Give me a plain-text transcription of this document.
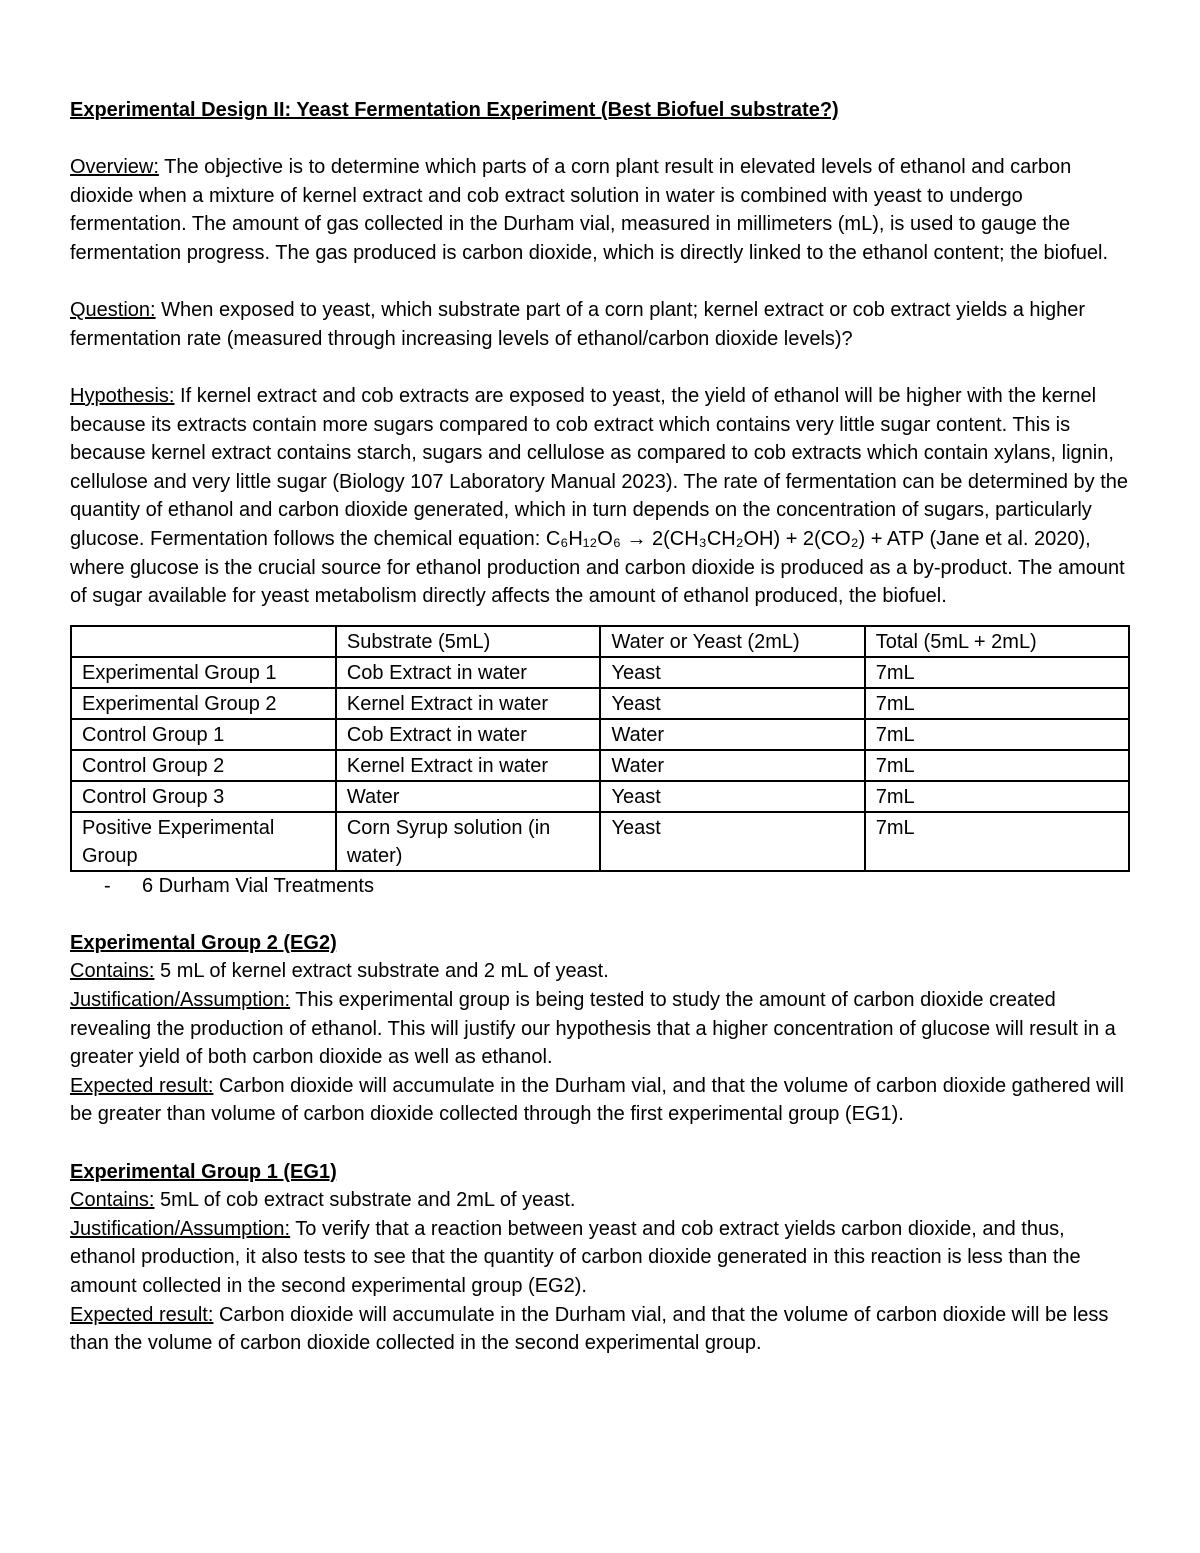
Experimental Design II: Yeast Fermentation Experiment (Best Biofuel substrate?)

Overview: The objective is to determine which parts of a corn plant result in elevated levels of ethanol and carbon dioxide when a mixture of kernel extract and cob extract solution in water is combined with yeast to undergo fermentation. The amount of gas collected in the Durham vial, measured in millimeters (mL), is used to gauge the fermentation progress. The gas produced is carbon dioxide, which is directly linked to the ethanol content; the biofuel.

Question: When exposed to yeast, which substrate part of a corn plant; kernel extract or cob extract yields a higher fermentation rate (measured through increasing levels of ethanol/carbon dioxide levels)?

Hypothesis: If kernel extract and cob extracts are exposed to yeast, the yield of ethanol will be higher with the kernel because its extracts contain more sugars compared to cob extract which contains very little sugar content. This is because kernel extract contains starch, sugars and cellulose as compared to cob extracts which contain xylans, lignin, cellulose and very little sugar (Biology 107 Laboratory Manual 2023). The rate of fermentation can be determined by the quantity of ethanol and carbon dioxide generated, which in turn depends on the concentration of sugars, particularly glucose. Fermentation follows the chemical equation: C₆H₁₂O₆ → 2(CH₃CH₂OH) + 2(CO₂) + ATP (Jane et al. 2020), where glucose is the crucial source for ethanol production and carbon dioxide is produced as a by-product. The amount of sugar available for yeast metabolism directly affects the amount of ethanol produced, the biofuel.

	Substrate (5mL)	Water or Yeast (2mL)	Total (5mL + 2mL)
Experimental Group 1	Cob Extract in water	Yeast	7mL
Experimental Group 2	Kernel Extract in water	Yeast	7mL
Control Group 1	Cob Extract in water	Water	7mL
Control Group 2	Kernel Extract in water	Water	7mL
Control Group 3	Water	Yeast	7mL
Positive Experimental Group	Corn Syrup solution (in water)	Yeast	7mL

- 6 Durham Vial Treatments

Experimental Group 2 (EG2)

Contains: 5 mL of kernel extract substrate and 2 mL of yeast.

Justification/Assumption: This experimental group is being tested to study the amount of carbon dioxide created revealing the production of ethanol. This will justify our hypothesis that a higher concentration of glucose will result in a greater yield of both carbon dioxide as well as ethanol.

Expected result: Carbon dioxide will accumulate in the Durham vial, and that the volume of carbon dioxide gathered will be greater than volume of carbon dioxide collected through the first experimental group (EG1).

Experimental Group 1 (EG1)

Contains: 5mL of cob extract substrate and 2mL of yeast.

Justification/Assumption: To verify that a reaction between yeast and cob extract yields carbon dioxide, and thus, ethanol production, it also tests to see that the quantity of carbon dioxide generated in this reaction is less than the amount collected in the second experimental group (EG2).

Expected result: Carbon dioxide will accumulate in the Durham vial, and that the volume of carbon dioxide will be less than the volume of carbon dioxide collected in the second experimental group.
